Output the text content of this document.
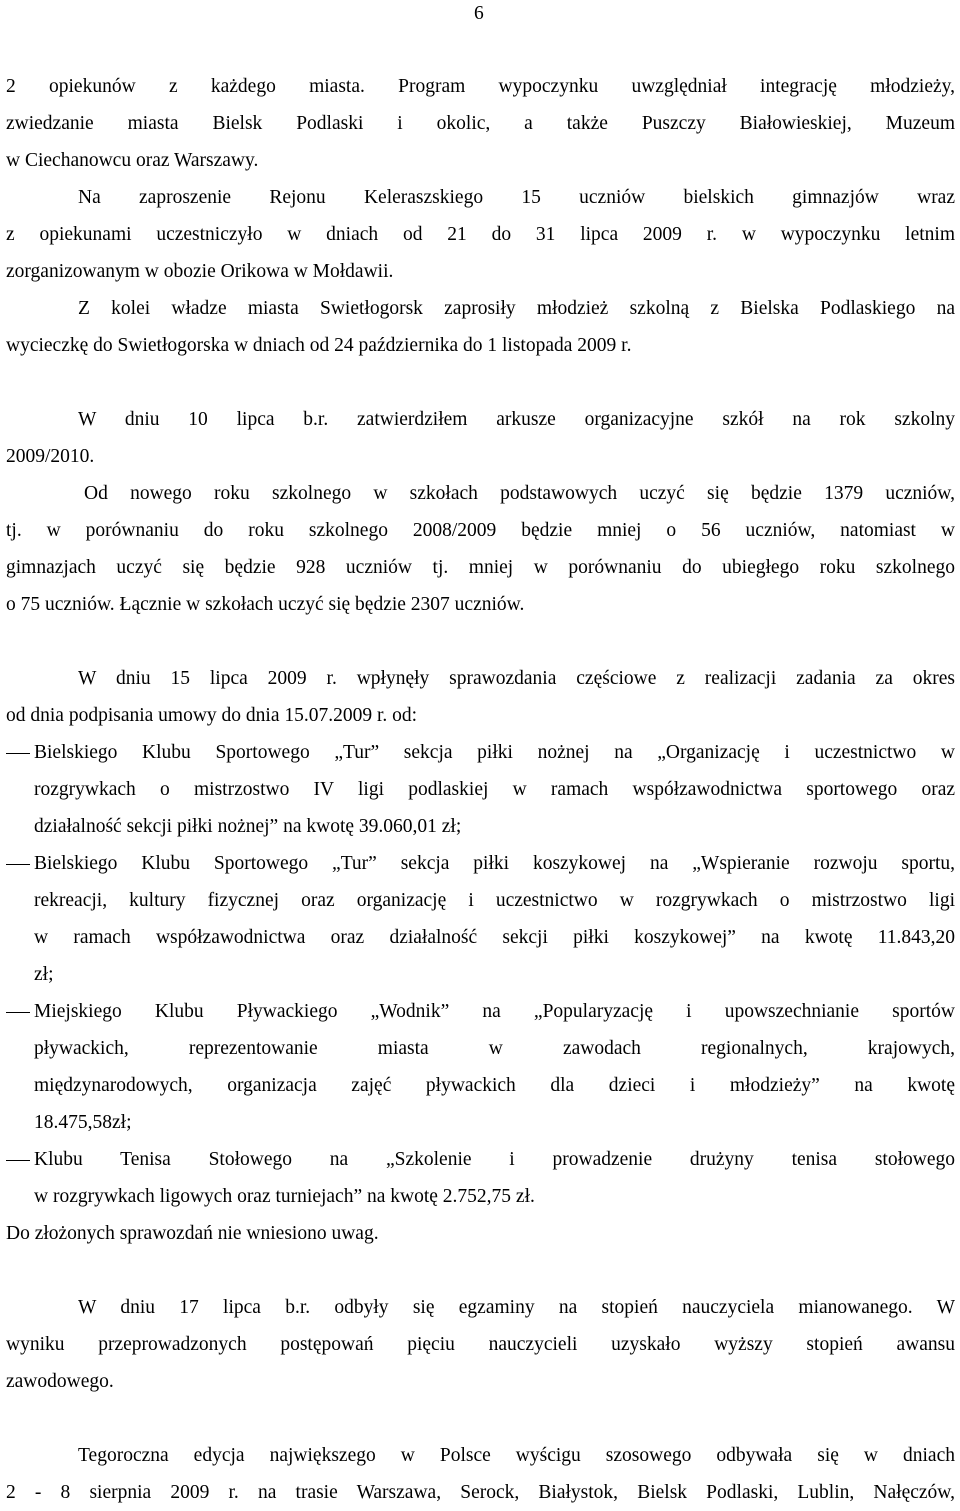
6
2 opiekunów z każdego miasta. Program wypoczynku uwzględniał integrację młodzieży,
zwiedzanie miasta Bielsk Podlaski i okolic, a także Puszczy Białowieskiej, Muzeum
w Ciechanowcu oraz Warszawy.
Na zaproszenie Rejonu Keleraszskiego 15 uczniów bielskich gimnazjów wraz
z opiekunami uczestniczyło w dniach od 21 do 31 lipca 2009 r. w wypoczynku letnim
zorganizowanym w obozie Orikowa w Mołdawii.
Z kolei władze miasta Swietłogorsk zaprosiły młodzież szkolną z Bielska Podlaskiego na
wycieczkę do Swietłogorska w dniach od 24 października do 1 listopada 2009 r.
W dniu 10 lipca b.r. zatwierdziłem arkusze organizacyjne szkół na rok szkolny
2009/2010.
Od nowego roku szkolnego w szkołach podstawowych uczyć się będzie 1379 uczniów,
tj. w porównaniu do roku szkolnego 2008/2009 będzie mniej o 56 uczniów, natomiast w
gimnazjach uczyć się będzie 928 uczniów tj. mniej w porównaniu do ubiegłego roku szkolnego
o 75 uczniów. Łącznie w szkołach uczyć się będzie 2307 uczniów.
W dniu 15 lipca 2009 r. wpłynęły sprawozdania częściowe z realizacji zadania za okres
od dnia podpisania umowy do dnia 15.07.2009 r. od:
Bielskiego Klubu Sportowego „Tur” sekcja piłki nożnej na „Organizację i uczestnictwo w
rozgrywkach o mistrzostwo IV ligi podlaskiej w ramach współzawodnictwa sportowego oraz
działalność sekcji piłki nożnej” na kwotę 39.060,01 zł;
Bielskiego Klubu Sportowego „Tur” sekcja piłki koszykowej na „Wspieranie rozwoju sportu,
rekreacji, kultury fizycznej oraz organizację i uczestnictwo w rozgrywkach o mistrzostwo ligi
w ramach współzawodnictwa oraz działalność sekcji piłki koszykowej” na kwotę 11.843,20
zł;
Miejskiego Klubu Pływackiego „Wodnik” na „Popularyzację i upowszechnianie sportów
pływackich, reprezentowanie miasta w zawodach regionalnych, krajowych,
międzynarodowych, organizacja zajęć pływackich dla dzieci i młodzieży” na kwotę
18.475,58zł;
Klubu Tenisa Stołowego na „Szkolenie i prowadzenie drużyny tenisa stołowego
w rozgrywkach ligowych oraz turniejach” na kwotę 2.752,75 zł.
Do złożonych sprawozdań nie wniesiono uwag.
W dniu 17 lipca b.r. odbyły się egzaminy na stopień nauczyciela mianowanego. W
wyniku przeprowadzonych postępowań pięciu nauczycieli uzyskało wyższy stopień awansu
zawodowego.
Tegoroczna edycja największego w Polsce wyścigu szosowego odbywała się w dniach
2 - 8 sierpnia 2009 r. na trasie Warszawa, Serock, Białystok, Bielsk Podlaski, Lublin, Nałęczów,
